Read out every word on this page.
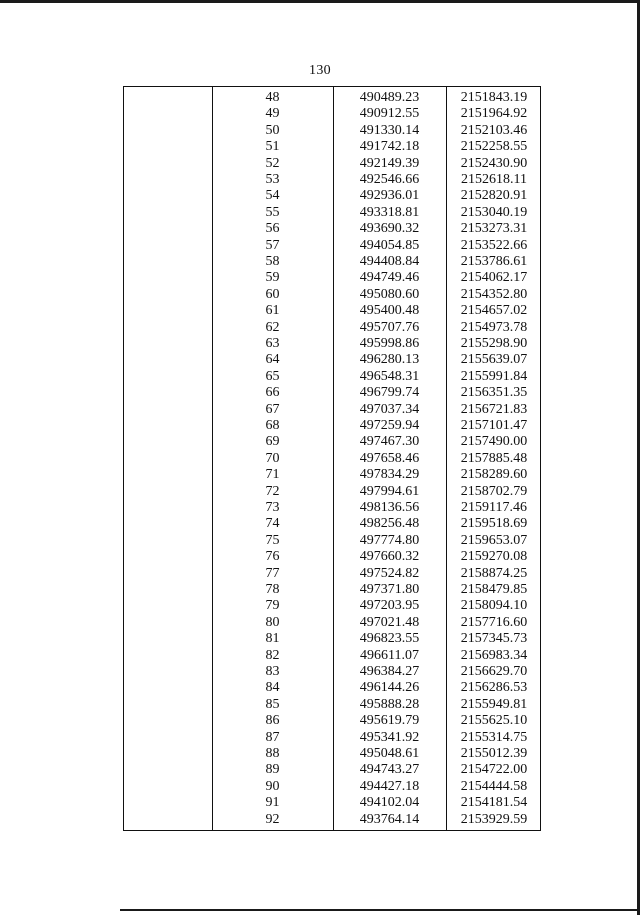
130
48	490489.23	2151843.19
49	490912.55	2151964.92
50	491330.14	2152103.46
51	491742.18	2152258.55
52	492149.39	2152430.90
53	492546.66	2152618.11
54	492936.01	2152820.91
55	493318.81	2153040.19
56	493690.32	2153273.31
57	494054.85	2153522.66
58	494408.84	2153786.61
59	494749.46	2154062.17
60	495080.60	2154352.80
61	495400.48	2154657.02
62	495707.76	2154973.78
63	495998.86	2155298.90
64	496280.13	2155639.07
65	496548.31	2155991.84
66	496799.74	2156351.35
67	497037.34	2156721.83
68	497259.94	2157101.47
69	497467.30	2157490.00
70	497658.46	2157885.48
71	497834.29	2158289.60
72	497994.61	2158702.79
73	498136.56	2159117.46
74	498256.48	2159518.69
75	497774.80	2159653.07
76	497660.32	2159270.08
77	497524.82	2158874.25
78	497371.80	2158479.85
79	497203.95	2158094.10
80	497021.48	2157716.60
81	496823.55	2157345.73
82	496611.07	2156983.34
83	496384.27	2156629.70
84	496144.26	2156286.53
85	495888.28	2155949.81
86	495619.79	2155625.10
87	495341.92	2155314.75
88	495048.61	2155012.39
89	494743.27	2154722.00
90	494427.18	2154444.58
91	494102.04	2154181.54
92	493764.14	2153929.59
